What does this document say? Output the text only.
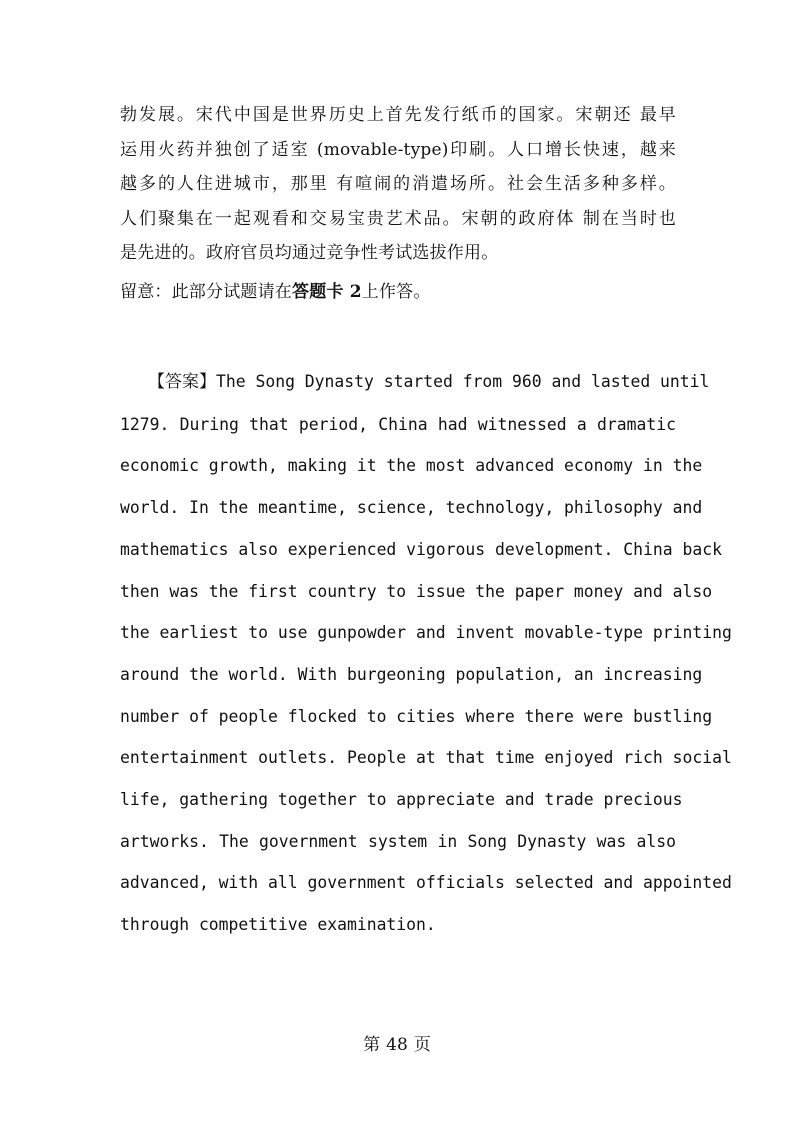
勃发展。宋代中国是世界历史上首先发行纸币的国家。宋朝还 最早
运用火药并独创了适室 (movable-type)印刷。人口增长快速，越来
越多的人住进城市，那里 有喧闹的消遣场所。社会生活多种多样。
人们聚集在一起观看和交易宝贵艺术品。宋朝的政府体 制在当时也
是先进的。政府官员均通过竞争性考试选拔作用。
留意：此部分试题请在答题卡 2上作答。
【答案】The Song Dynasty started from 960 and lasted until
1279. During that period, China had witnessed a dramatic
economic growth, making it the most advanced economy in the
world. In the meantime, science, technology, philosophy and
mathematics also experienced vigorous development. China back
then was the first country to issue the paper money and also
the earliest to use gunpowder and invent movable-type printing
around the world. With burgeoning population, an increasing
number of people flocked to cities where there were bustling
entertainment outlets. People at that time enjoyed rich social
life, gathering together to appreciate and trade precious
artworks. The government system in Song Dynasty was also
advanced, with all government officials selected and appointed
through competitive examination.
第 48 页
